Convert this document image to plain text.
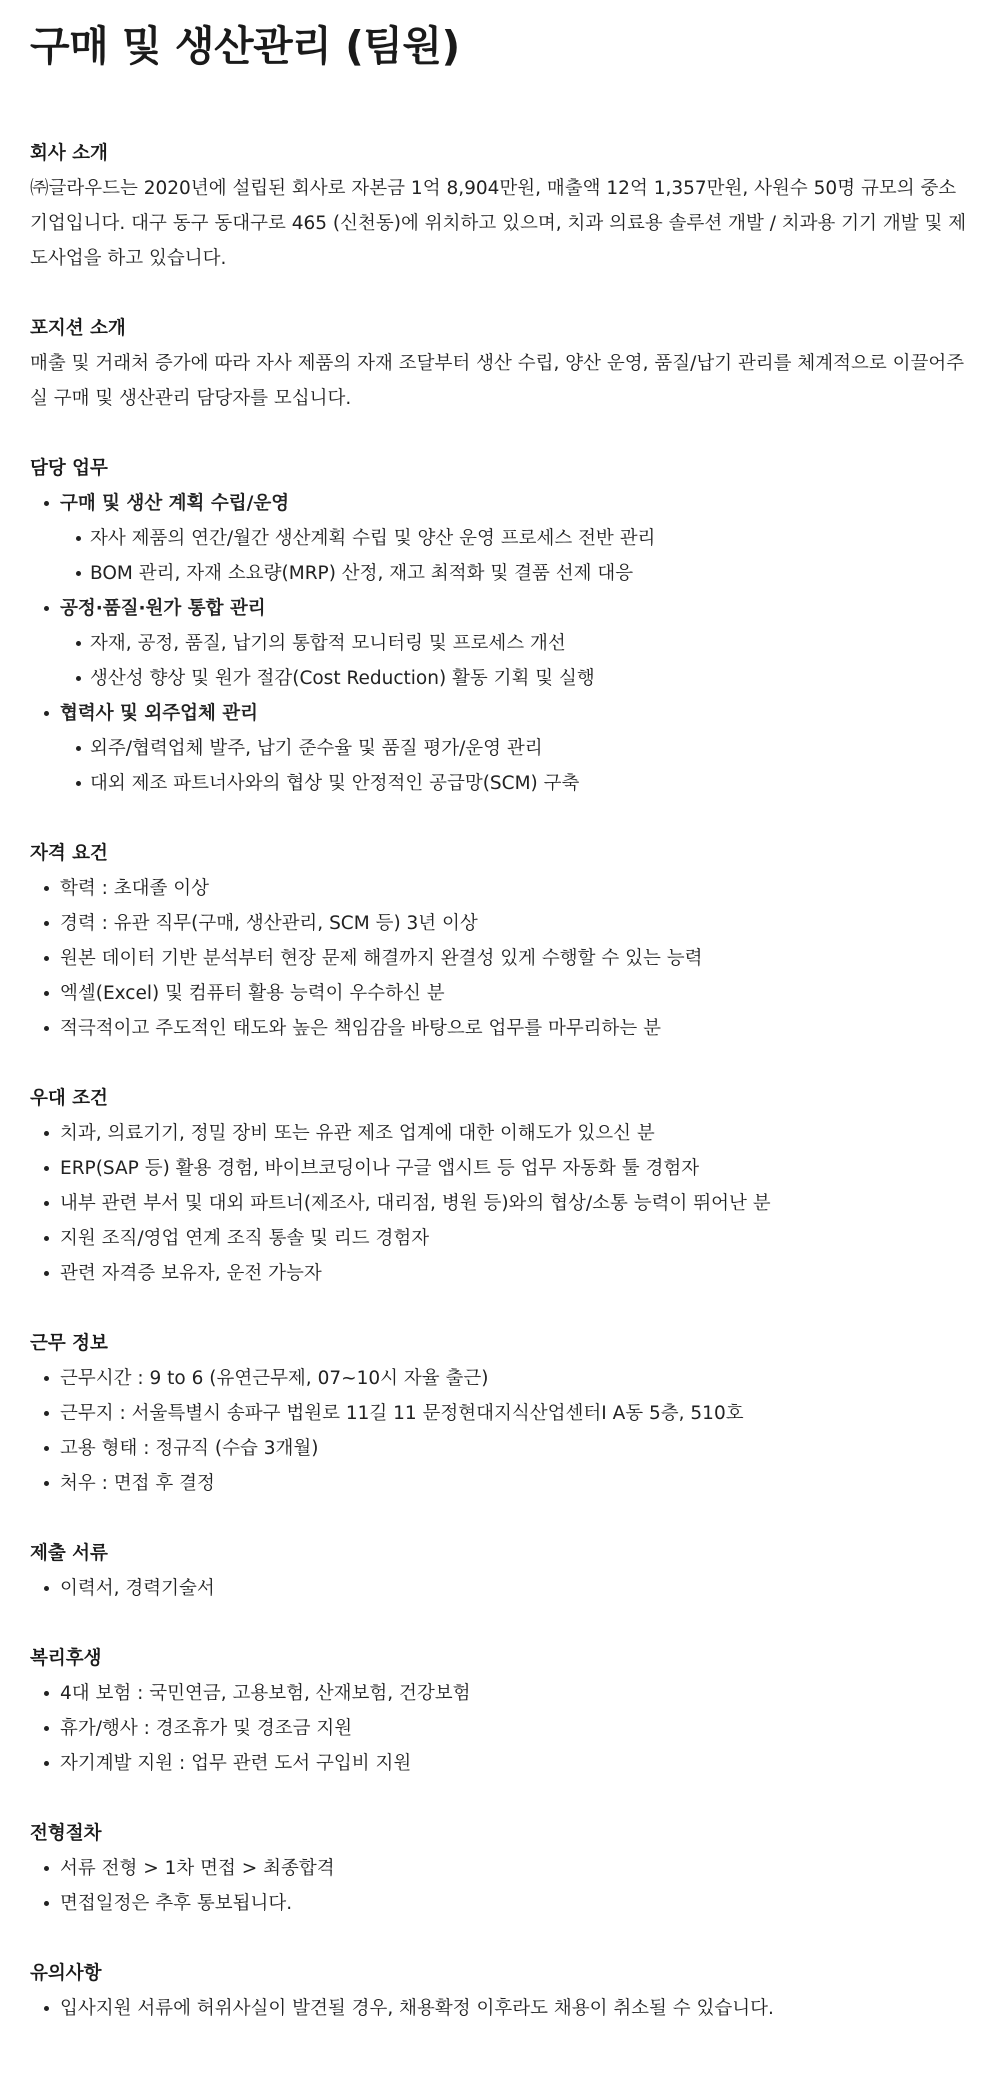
구매 및 생산관리 (팀원)
회사 소개

㈜글라우드는 2020년에 설립된 회사로 자본금 1억 8,904만원, 매출액 12억 1,357만원, 사원수 50명 규모의 중소기업입니다. 대구 동구 동대구로 465 (신천동)에 위치하고 있으며, 치과 의료용 솔루션 개발 / 치과용 기기 개발 및 제도사업을 하고 있습니다.

포지션 소개

매출 및 거래처 증가에 따라 자사 제품의 자재 조달부터 생산 수립, 양산 운영, 품질/납기 관리를 체계적으로 이끌어주실 구매 및 생산관리 담당자를 모십니다.

담당 업무
구매 및 생산 계획 수립/운영
자사 제품의 연간/월간 생산계획 수립 및 양산 운영 프로세스 전반 관리
BOM 관리, 자재 소요량(MRP) 산정, 재고 최적화 및 결품 선제 대응
공정·품질·원가 통합 관리
자재, 공정, 품질, 납기의 통합적 모니터링 및 프로세스 개선
생산성 향상 및 원가 절감(Cost Reduction) 활동 기획 및 실행
협력사 및 외주업체 관리
외주/협력업체 발주, 납기 준수율 및 품질 평가/운영 관리
대외 제조 파트너사와의 협상 및 안정적인 공급망(SCM) 구축
자격 요건
학력 : 초대졸 이상
경력 : 유관 직무(구매, 생산관리, SCM 등) 3년 이상
원본 데이터 기반 분석부터 현장 문제 해결까지 완결성 있게 수행할 수 있는 능력
엑셀(Excel) 및 컴퓨터 활용 능력이 우수하신 분
적극적이고 주도적인 태도와 높은 책임감을 바탕으로 업무를 마무리하는 분
우대 조건
치과, 의료기기, 정밀 장비 또는 유관 제조 업계에 대한 이해도가 있으신 분
ERP(SAP 등) 활용 경험, 바이브코딩이나 구글 앱시트 등 업무 자동화 툴 경험자
내부 관련 부서 및 대외 파트너(제조사, 대리점, 병원 등)와의 협상/소통 능력이 뛰어난 분
지원 조직/영업 연계 조직 통솔 및 리드 경험자
관련 자격증 보유자, 운전 가능자
근무 정보
근무시간 : 9 to 6 (유연근무제, 07~10시 자율 출근)
근무지 : 서울특별시 송파구 법원로 11길 11 문정현대지식산업센터I A동 5층, 510호
고용 형태 : 정규직 (수습 3개월)
처우 : 면접 후 결정
제출 서류
이력서, 경력기술서
복리후생
4대 보험 : 국민연금, 고용보험, 산재보험, 건강보험
휴가/행사 : 경조휴가 및 경조금 지원
자기계발 지원 : 업무 관련 도서 구입비 지원
전형절차
서류 전형 > 1차 면접 > 최종합격
면접일정은 추후 통보됩니다.
유의사항
입사지원 서류에 허위사실이 발견될 경우, 채용확정 이후라도 채용이 취소될 수 있습니다.
